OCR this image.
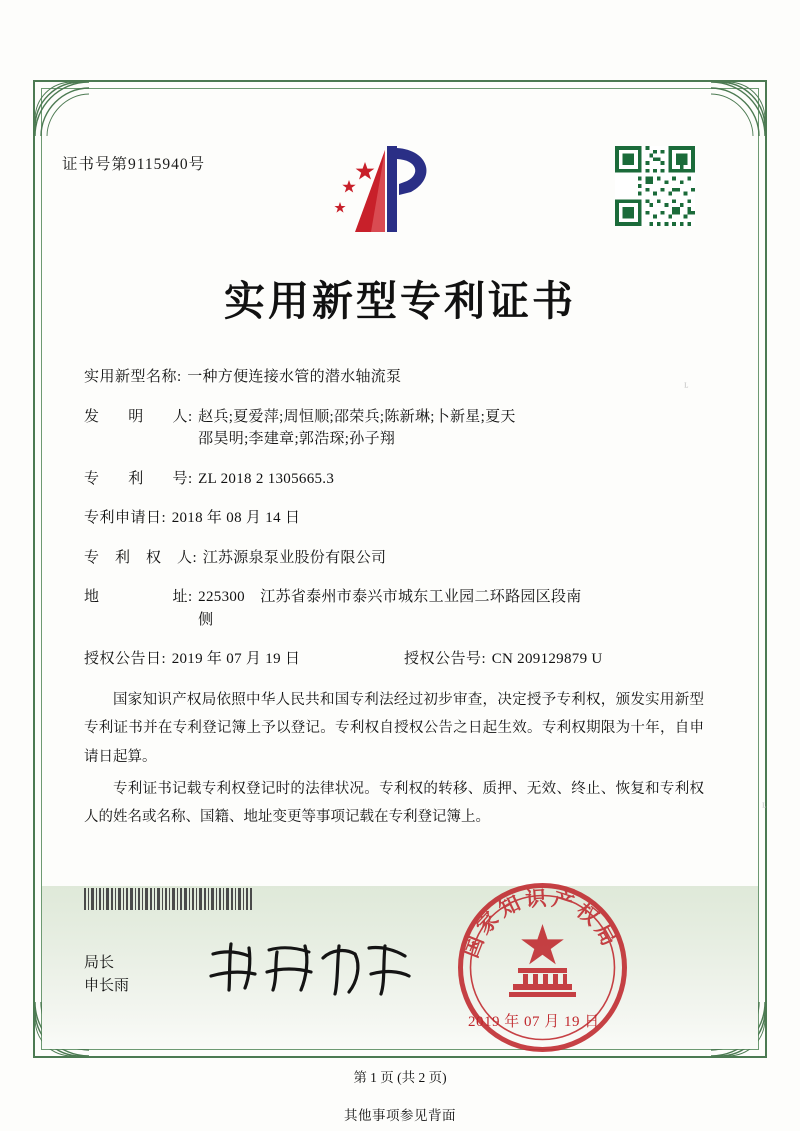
证书号第9115940号
实用新型专利证书
实用新型名称 : 一种方便连接水管的潜水轴流泵
发　明　人 : 赵兵;夏爱萍;周恒顺;邵荣兵;陈新琳;卜新星;夏天
邵昊明;李建章;郭浩琛;孙子翔
专　利　号 : ZL 2018 2 1305665.3
专利申请日 : 2018 年 08 月 14 日
专　利　权　人 : 江苏源泉泵业股份有限公司
地　　　址 : 225300　江苏省泰州市泰兴市城东工业园二环路园区段南
侧
授权公告日 : 2019 年 07 月 19 日	授权公告号 : CN 209129879 U

国家知识产权局依照中华人民共和国专利法经过初步审查，决定授予专利权，颁发实用新型专利证书并在专利登记簿上予以登记。专利权自授权公告之日起生效。专利权期限为十年，自申请日起算。

专利证书记载专利权登记时的法律状况。专利权的转移、质押、无效、终止、恢复和专利权人的姓名或名称、国籍、地址变更等事项记载在专利登记簿上。

局长
申长雨
国家知识产权局
2019 年 07 月 19 日
ᴸ
ᴸ
第 1 页 (共 2 页)
其他事项参见背面
